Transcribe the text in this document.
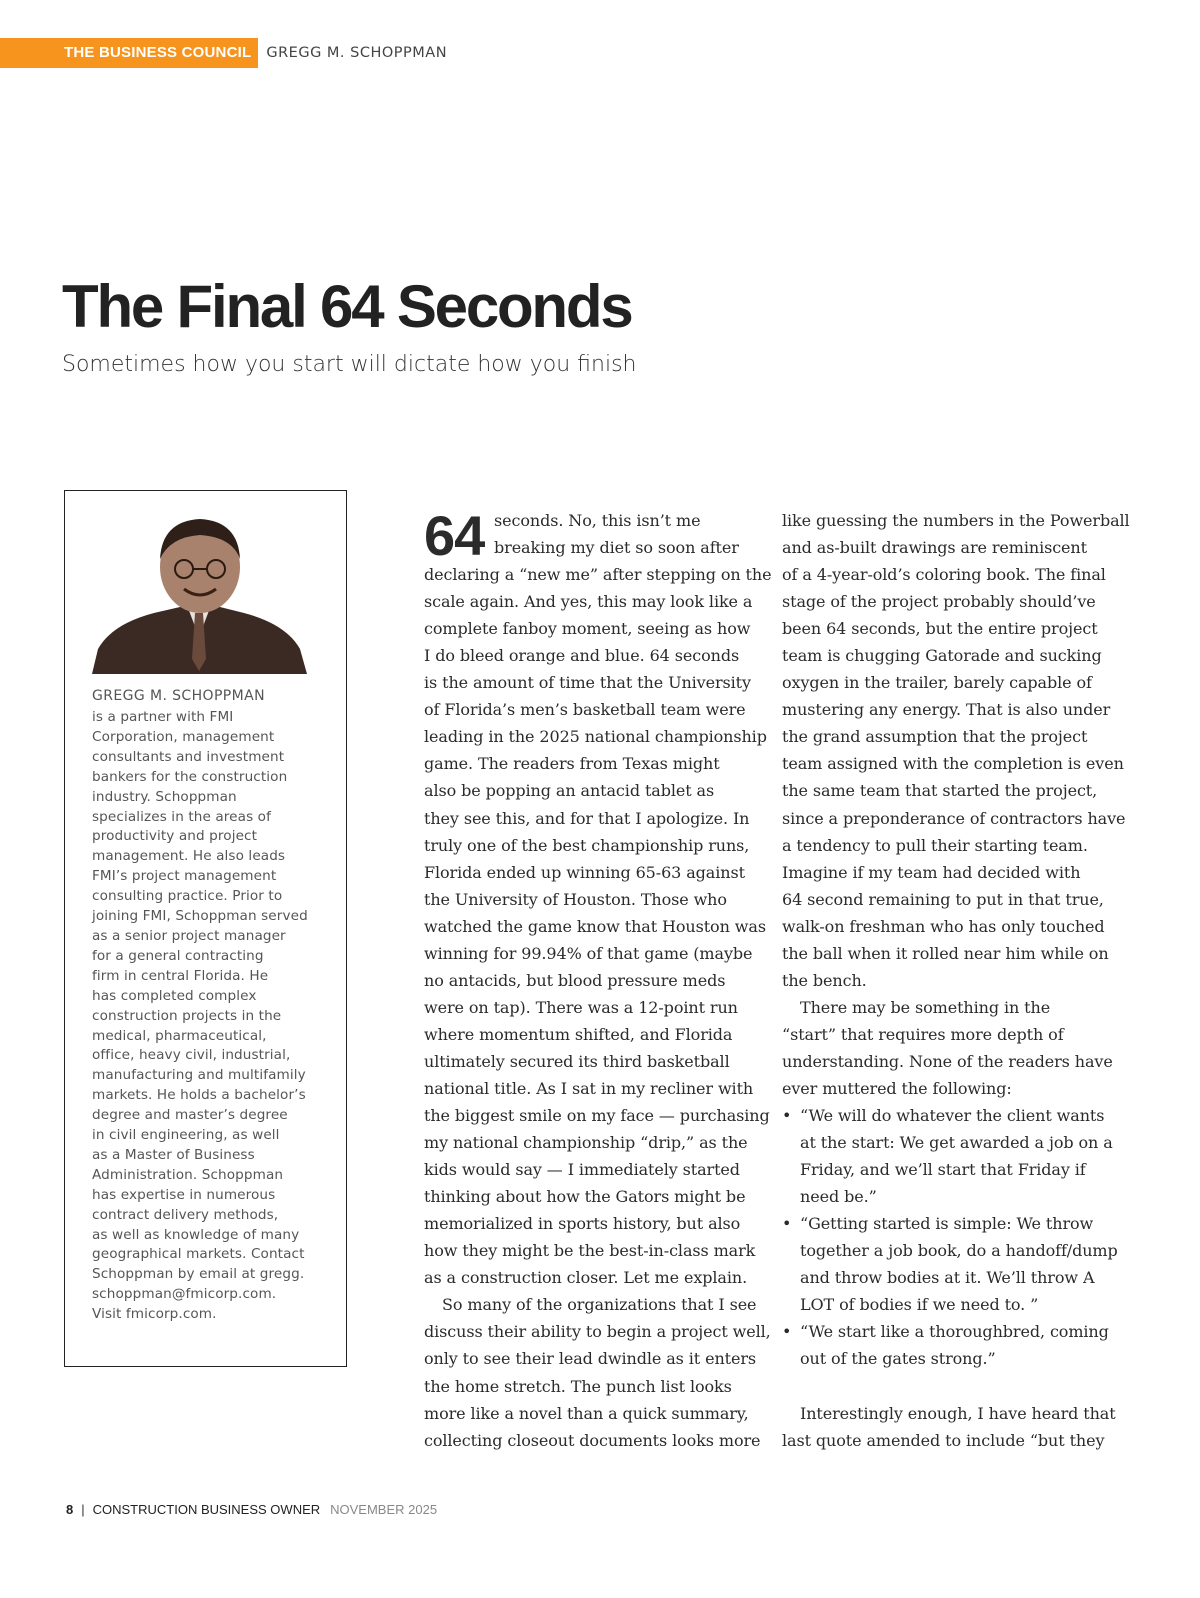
THE BUSINESS COUNCIL	GREGG M. SCHOPPMAN
The Final 64 Seconds

Sometimes how you start will dictate how you finish

GREGG M. SCHOPPMAN
is a partner with FMI
Corporation, management
consultants and investment
bankers for the construction
industry. Schoppman
specializes in the areas of
productivity and project
management. He also leads
FMI’s project management
consulting practice. Prior to
joining FMI, Schoppman served
as a senior project manager
for a general contracting
firm in central Florida. He
has completed complex
construction projects in the
medical, pharmaceutical,
office, heavy civil, industrial,
manufacturing and multifamily
markets. He holds a bachelor’s
degree and master’s degree
in civil engineering, as well
as a Master of Business
Administration. Schoppman
has expertise in numerous
contract delivery methods,
as well as knowledge of many
geographical markets. Contact
Schoppman by email at gregg.
schoppman@fmicorp.com.
Visit fmicorp.com.
64 seconds. No, this isn’t me
breaking my diet so soon after
declaring a “new me” after stepping on the
scale again. And yes, this may look like a
complete fanboy moment, seeing as how
I do bleed orange and blue. 64 seconds
is the amount of time that the University
of Florida’s men’s basketball team were
leading in the 2025 national championship
game. The readers from Texas might
also be popping an antacid tablet as
they see this, and for that I apologize. In
truly one of the best championship runs,
Florida ended up winning 65-63 against
the University of Houston. Those who
watched the game know that Houston was
winning for 99.94% of that game (maybe
no antacids, but blood pressure meds
were on tap). There was a 12-point run
where momentum shifted, and Florida
ultimately secured its third basketball
national title. As I sat in my recliner with
the biggest smile on my face — purchasing
my national championship “drip,” as the
kids would say — I immediately started
thinking about how the Gators might be
memorialized in sports history, but also
how they might be the best-in-class mark
as a construction closer. Let me explain.
So many of the organizations that I see
discuss their ability to begin a project well,
only to see their lead dwindle as it enters
the home stretch. The punch list looks
more like a novel than a quick summary,
collecting closeout documents looks more
like guessing the numbers in the Powerball
and as-built drawings are reminiscent
of a 4-year-old’s coloring book. The final
stage of the project probably should’ve
been 64 seconds, but the entire project
team is chugging Gatorade and sucking
oxygen in the trailer, barely capable of
mustering any energy. That is also under
the grand assumption that the project
team assigned with the completion is even
the same team that started the project,
since a preponderance of contractors have
a tendency to pull their starting team.
Imagine if my team had decided with
64 second remaining to put in that true,
walk-on freshman who has only touched
the ball when it rolled near him while on
the bench.
There may be something in the
“start” that requires more depth of
understanding. None of the readers have
ever muttered the following:
• “We will do whatever the client wants
at the start: We get awarded a job on a
Friday, and we’ll start that Friday if
need be.”
• “Getting started is simple: We throw
together a job book, do a handoff/dump
and throw bodies at it. We’ll throw A
LOT of bodies if we need to. ”
• “We start like a thoroughbred, coming
out of the gates strong.”
Interestingly enough, I have heard that
last quote amended to include “but they
8 | CONSTRUCTION BUSINESS OWNER NOVEMBER 2025
